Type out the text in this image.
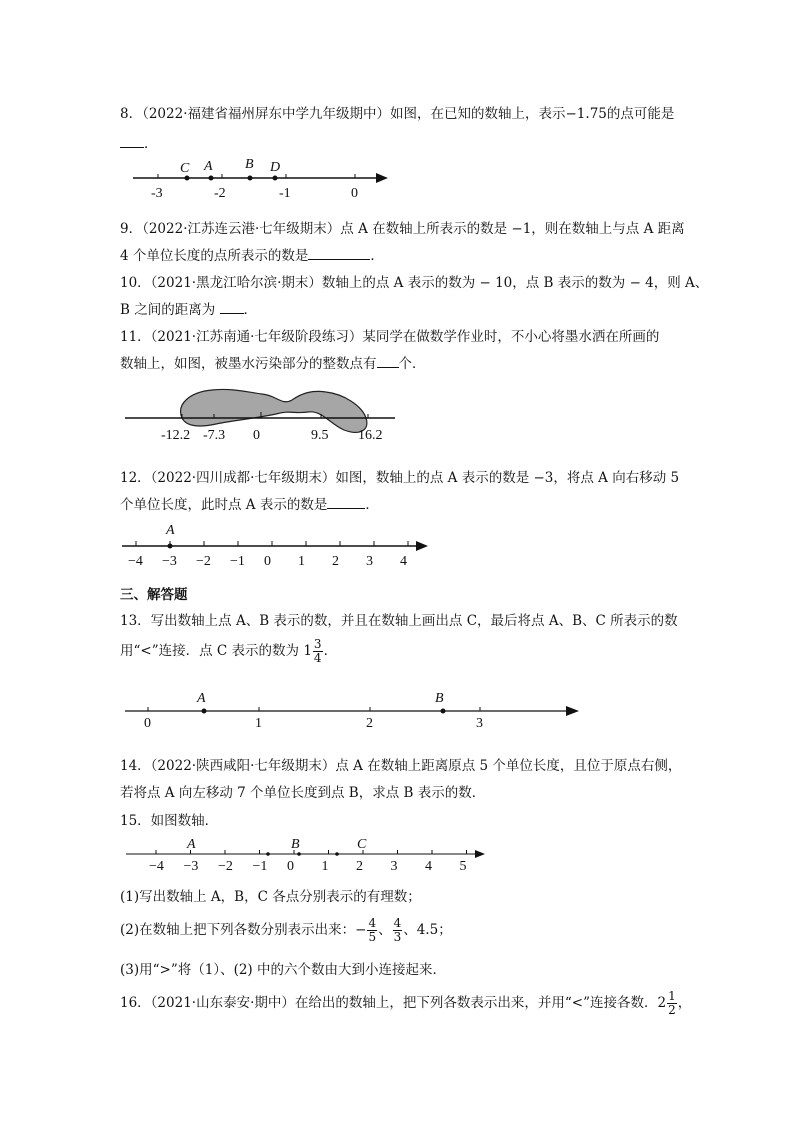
8．（2022·福建省福州屏东中学九年级期中）如图，在已知的数轴上，表示−1.75的点可能是
．
-3	-2	-1	0
C A B D
9．（2022·江苏连云港·七年级期末）点 A 在数轴上所表示的数是 −1，则在数轴上与点 A 距离
4 个单位长度的点所表示的数是	．
10．（2021·黑龙江哈尔滨·期末）数轴上的点 A 表示的数为 − 10，点 B 表示的数为 − 4，则 A、
B 之间的距离为 ．
11．（2021·江苏南通·七年级阶段练习）某同学在做数学作业时，不小心将墨水洒在所画的
数轴上，如图，被墨水污染部分的整数点有 个．
-12.2 -7.3 0	9.5 16.2
12．（2022·四川成都·七年级期末）如图，数轴上的点 A 表示的数是 −3，将点 A 向右移动 5
个单位长度，此时点 A 表示的数是	．
−4 −3 −2 −1 0 1 2 3 4
A
三、解答题
13．写出数轴上点 A、B 表示的数，并且在数轴上画出点 C，最后将点 A、B、C 所表示的数
用“<”连接．点 C 表示的数为 $1 \frac{3}{4}$ ．
0	1	2	3
A	B
14．（2022·陕西咸阳·七年级期末）点 A 在数轴上距离原点 5 个单位长度，且位于原点右侧，
若将点 A 向左移动 7 个单位长度到点 B，求点 B 表示的数．
15．如图数轴．
−4 −3 −2 −1 0 1 2 3 4 5
A	B	C
(1)写出数轴上 A，B，C 各点分别表示的有理数；
(2)在数轴上把下列各数分别表示出来：− $\frac{4}{5}$ 、 $\frac{4}{3}$ 、4.5；
(3)用“>”将（1）、(2) 中的六个数由大到小连接起来．
16．（2021·山东泰安·期中）在给出的数轴上，把下列各数表示出来，并用“<”连接各数．$2 \frac{1}{2}$ ，
